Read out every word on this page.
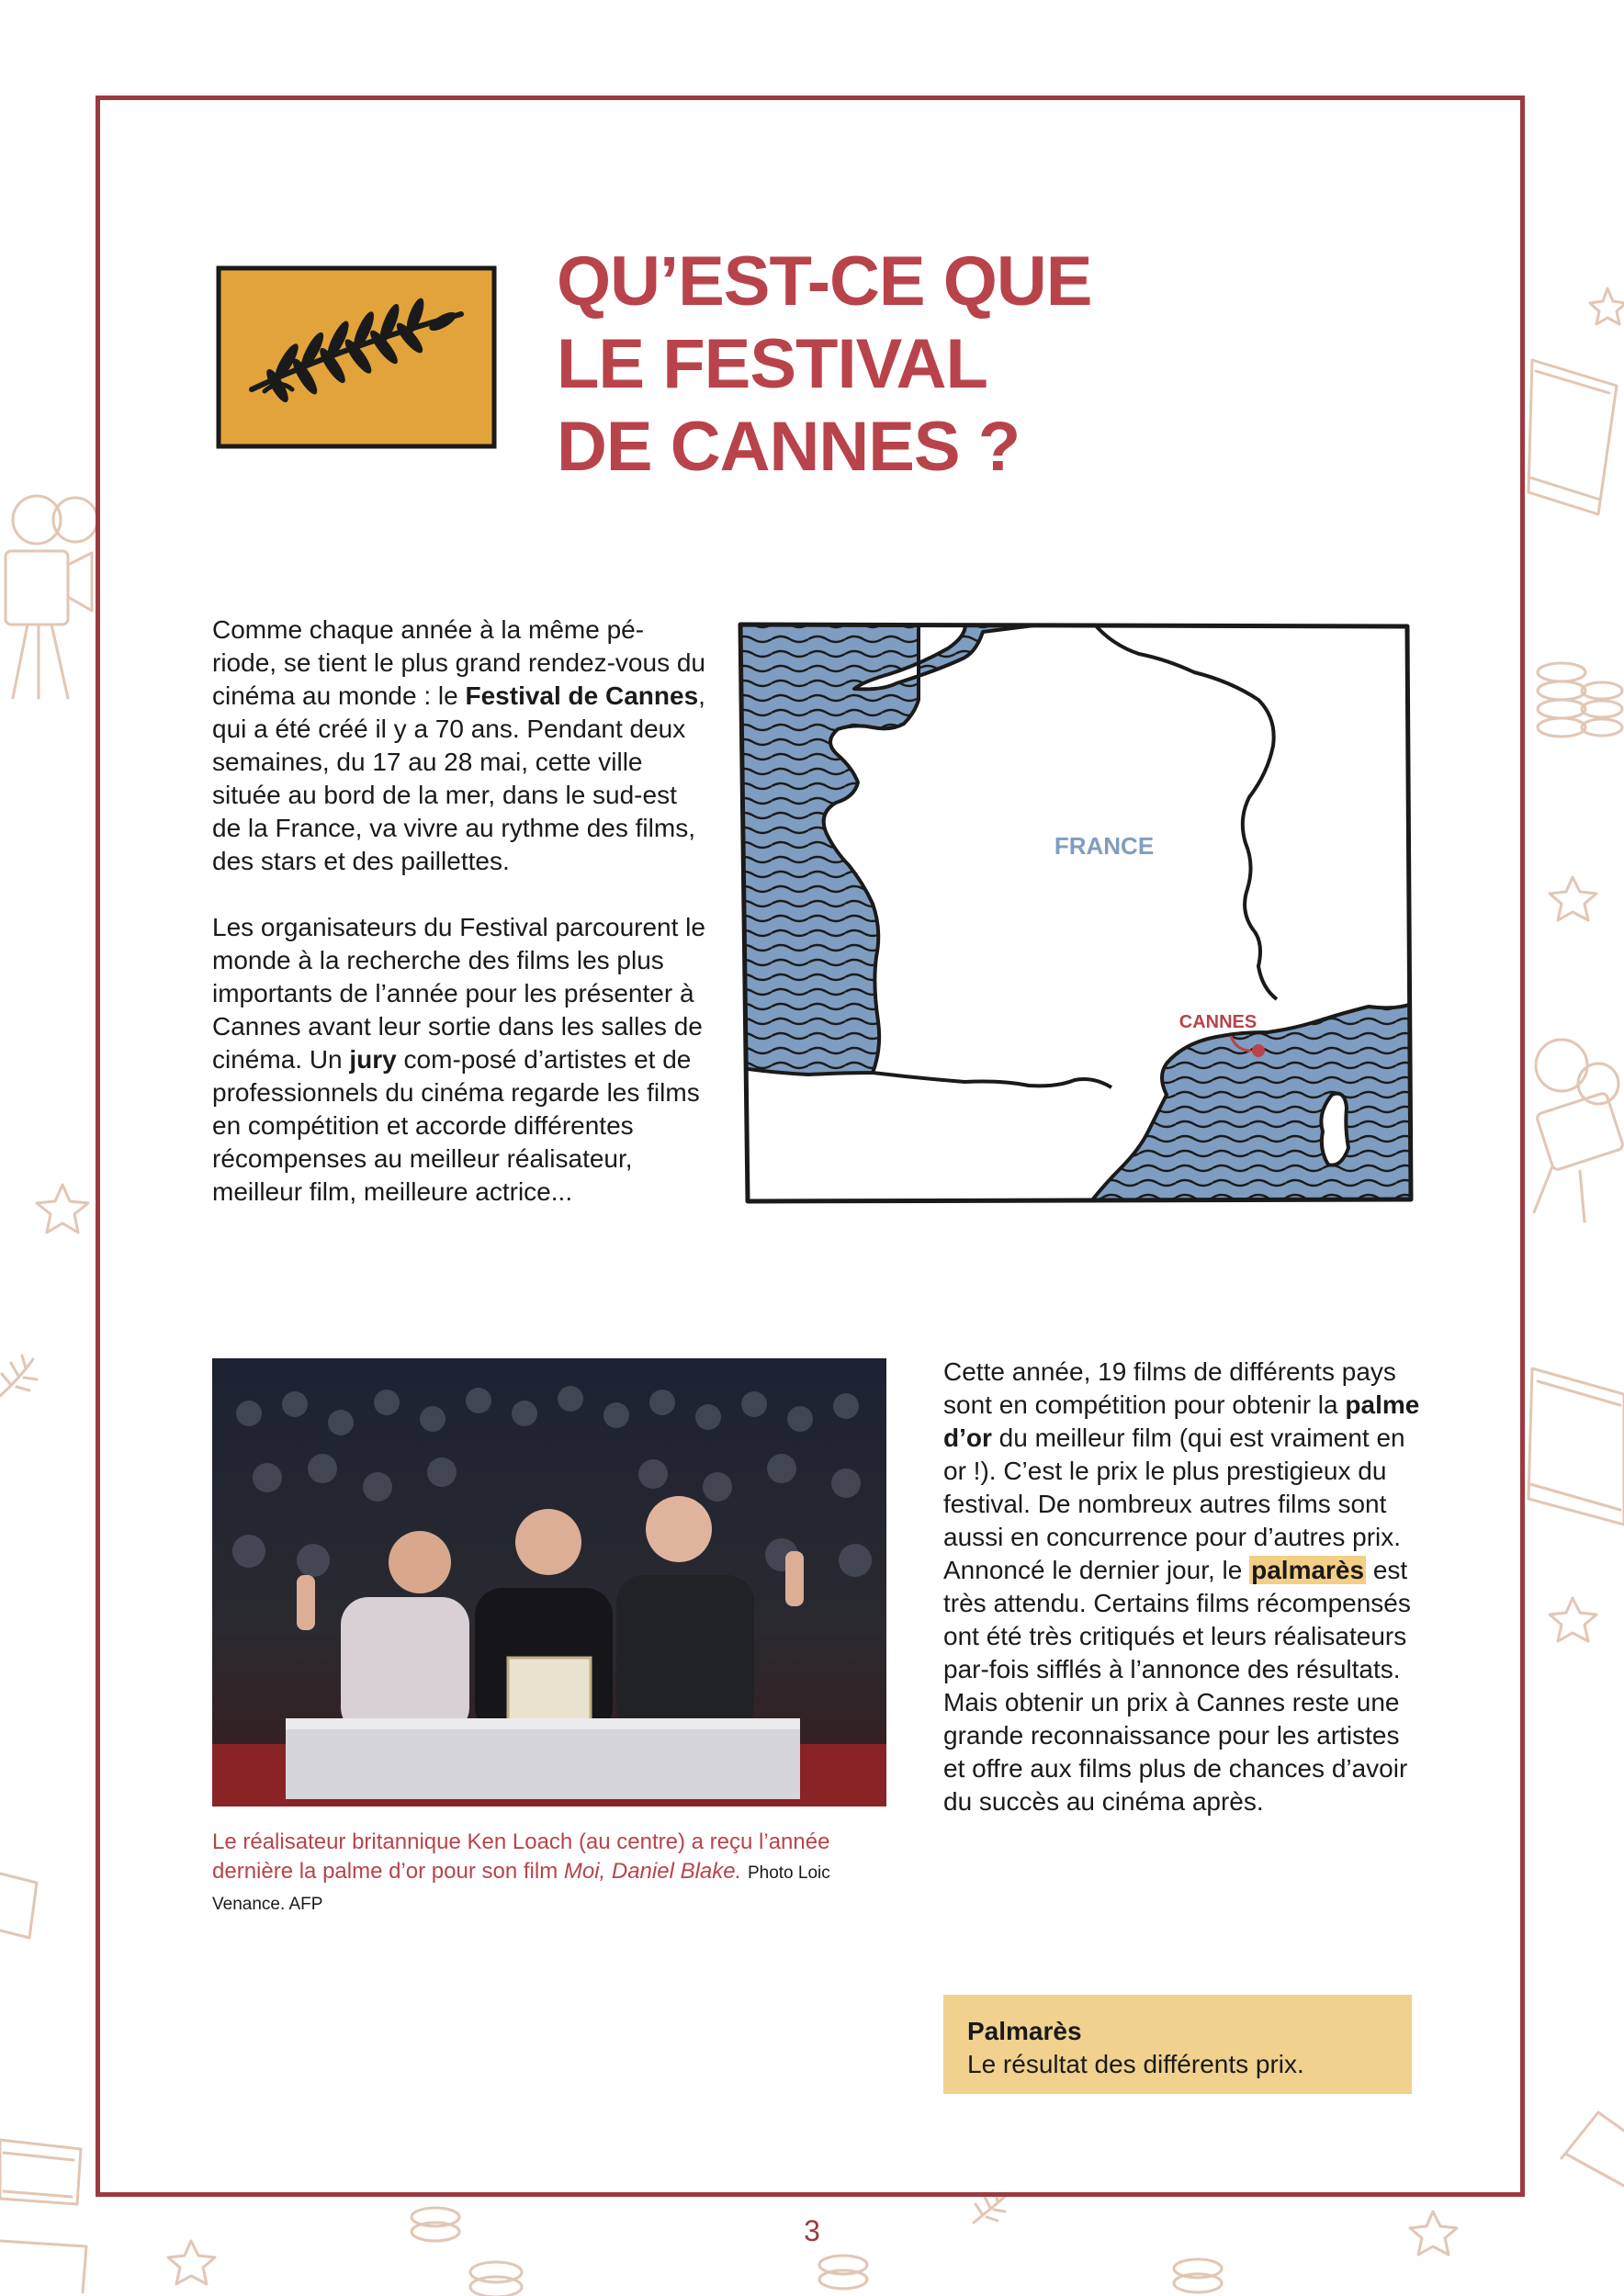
QU’EST-CE QUE
LE FESTIVAL
DE CANNES ?

Comme chaque année à la même pé-riode, se tient le plus grand rendez-vous du cinéma au monde : le Festival de Cannes, qui a été créé il y a 70 ans. Pendant deux semaines, du 17 au 28 mai, cette ville située au bord de la mer, dans le sud-est de la France, va vivre au rythme des films, des stars et des paillettes.

Les organisateurs du Festival parcourent le monde à la recherche des films les plus importants de l’année pour les présenter à Cannes avant leur sortie dans les salles de cinéma. Un jury com-posé d’artistes et de professionnels du cinéma regarde les films en compétition et accorde différentes récompenses au meilleur réalisateur, meilleur film, meilleure actrice...

FRANCE
CANNES
Le réalisateur britannique Ken Loach (au centre) a reçu l’année dernière la palme d’or pour son film Moi, Daniel Blake. Photo Loic Venance. AFP

Cette année, 19 films de différents pays sont en compétition pour obtenir la palme d’or du meilleur film (qui est vraiment en or !). C’est le prix le plus prestigieux du festival. De nombreux autres films sont aussi en concurrence pour d’autres prix. Annoncé le dernier jour, le palmarès est très attendu. Certains films récompensés ont été très critiqués et leurs réalisateurs par-fois sifflés à l’annonce des résultats. Mais obtenir un prix à Cannes reste une grande reconnaissance pour les artistes et offre aux films plus de chances d’avoir du succès au cinéma après.

Palmarès
Le résultat des différents prix.
3
